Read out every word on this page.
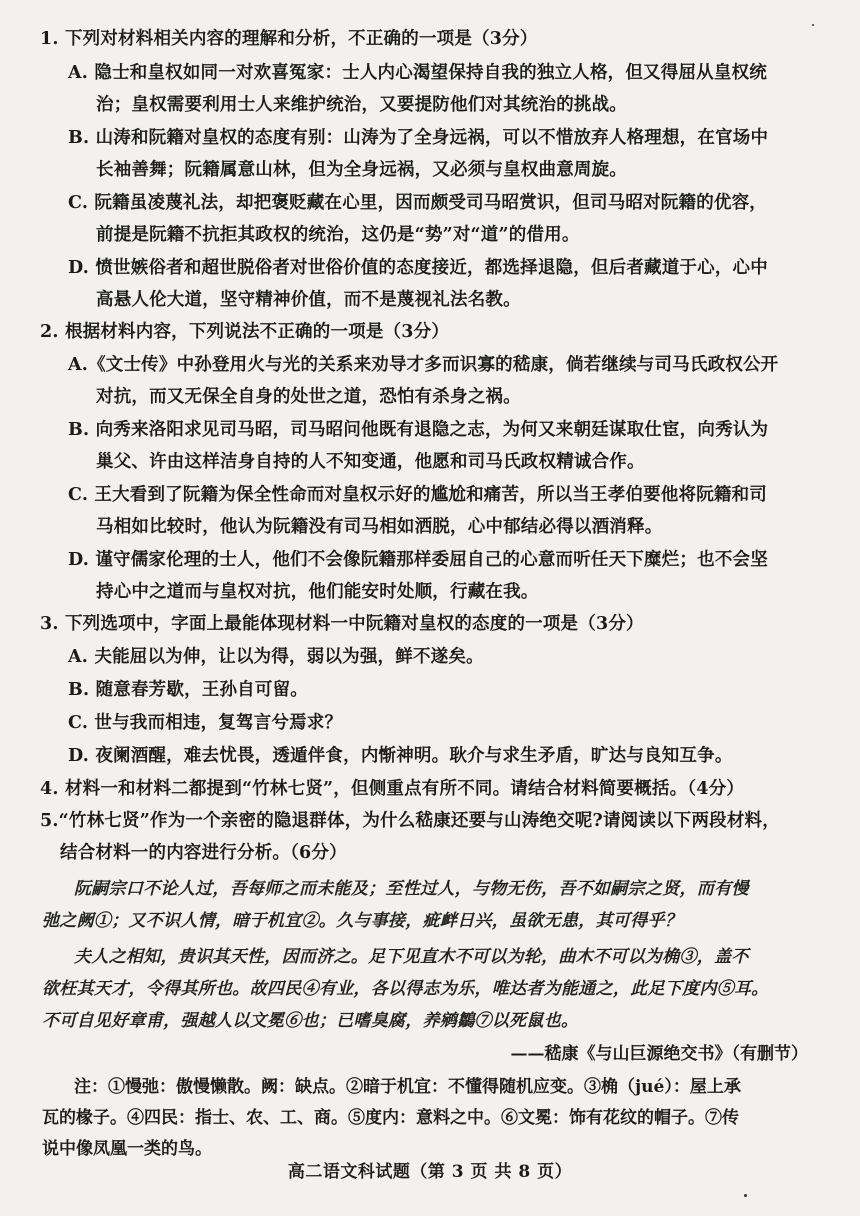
1. 下列对材料相关内容的理解和分析，不正确的一项是（3分）
A. 隐士和皇权如同一对欢喜冤家：士人内心渴望保持自我的独立人格，但又得屈从皇权统
治；皇权需要利用士人来维护统治，又要提防他们对其统治的挑战。
B. 山涛和阮籍对皇权的态度有别：山涛为了全身远祸，可以不惜放弃人格理想，在官场中
长袖善舞；阮籍属意山林，但为全身远祸，又必须与皇权曲意周旋。
C. 阮籍虽凌蔑礼法，却把褒贬藏在心里，因而颇受司马昭赏识，但司马昭对阮籍的优容，
前提是阮籍不抗拒其政权的统治，这仍是“势”对“道”的借用。
D. 愤世嫉俗者和超世脱俗者对世俗价值的态度接近，都选择退隐，但后者藏道于心，心中
高悬人伦大道，坚守精神价值，而不是蔑视礼法名教。
2. 根据材料内容，下列说法不正确的一项是（3分）
A.《文士传》中孙登用火与光的关系来劝导才多而识寡的嵇康，倘若继续与司马氏政权公开
对抗，而又无保全自身的处世之道，恐怕有杀身之祸。
B. 向秀来洛阳求见司马昭，司马昭问他既有退隐之志，为何又来朝廷谋取仕宦，向秀认为
巢父、许由这样洁身自持的人不知变通，他愿和司马氏政权精诚合作。
C. 王大看到了阮籍为保全性命而对皇权示好的尴尬和痛苦，所以当王孝伯要他将阮籍和司
马相如比较时，他认为阮籍没有司马相如洒脱，心中郁结必得以酒消释。
D. 谨守儒家伦理的士人，他们不会像阮籍那样委屈自己的心意而听任天下糜烂；也不会坚
持心中之道而与皇权对抗，他们能安时处顺，行藏在我。
3. 下列选项中，字面上最能体现材料一中阮籍对皇权的态度的一项是（3分）
A. 夫能屈以为伸，让以为得，弱以为强，鲜不遂矣。
B. 随意春芳歇，王孙自可留。
C. 世与我而相违，复驾言兮焉求？
D. 夜阑酒醒，难去忧畏，透遁伴食，内惭神明。耿介与求生矛盾，旷达与良知互争。
4. 材料一和材料二都提到“竹林七贤”，但侧重点有所不同。请结合材料简要概括。（4分）
5.“竹林七贤”作为一个亲密的隐退群体，为什么嵇康还要与山涛绝交呢?请阅读以下两段材料，
结合材料一的内容进行分析。（6分）
阮嗣宗口不论人过，吾每师之而未能及；至性过人，与物无伤，吾不如嗣宗之贤，而有慢
弛之阙①；又不识人情，暗于机宜②。久与事接，疵衅日兴，虽欲无患，其可得乎？
夫人之相知，贵识其天性，因而济之。足下见直木不可以为轮，曲木不可以为桷③，盖不
欲枉其天才，令得其所也。故四民④有业，各以得志为乐，唯达者为能通之，此足下度内⑤耳。
不可自见好章甫，强越人以文冕⑥也；已嗜臭腐，养鹓鶵⑦以死鼠也。
——嵇康《与山巨源绝交书》（有删节）
注：①慢弛：傲慢懒散。阙：缺点。②暗于机宜：不懂得随机应变。③桷（jué）：屋上承
瓦的椽子。④四民：指士、农、工、商。⑤度内：意料之中。⑥文冕：饰有花纹的帽子。⑦传
说中像凤凰一类的鸟。
高二语文科试题（第 3 页 共 8 页）
